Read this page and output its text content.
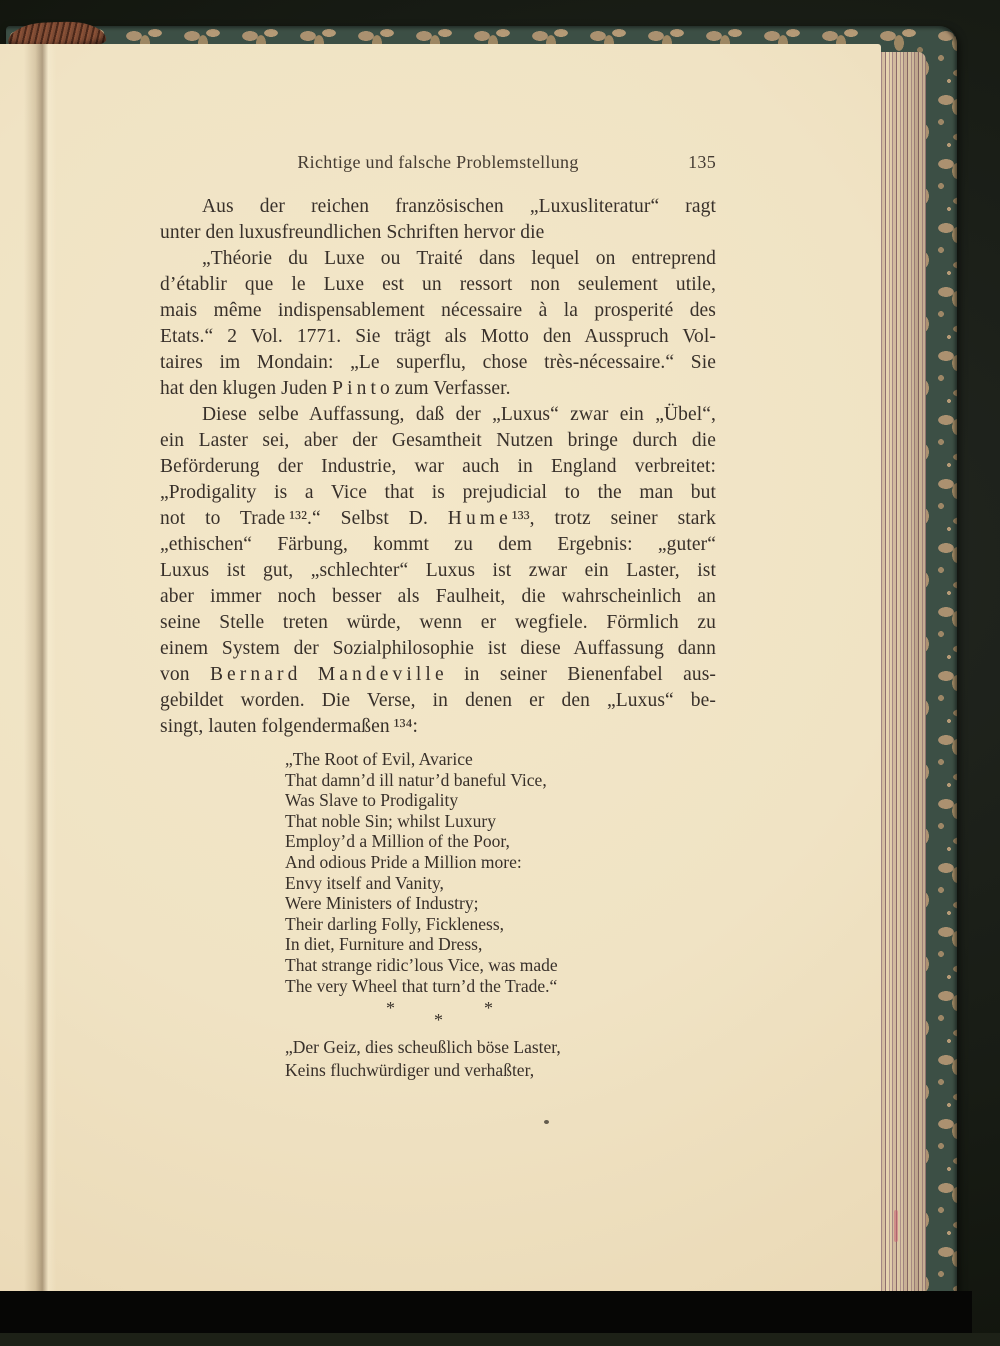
Richtige und falsche Problemstellung	135
Aus der reichen französischen „Luxusliteratur“ ragt
unter den luxusfreundlichen Schriften hervor die
„Théorie du Luxe ou Traité dans lequel on entreprend
d’établir que le Luxe est un ressort non seulement utile,
mais même indispensablement nécessaire à la prosperité des
Etats.“ 2 Vol. 1771. Sie trägt als Motto den Ausspruch Vol-
taires im Mondain: „Le superflu, chose très-nécessaire.“ Sie
hat den klugen Juden P i n t o zum Verfasser.
Diese selbe Auffassung, daß der „Luxus“ zwar ein „Übel“,
ein Laster sei, aber der Gesamtheit Nutzen bringe durch die
Beförderung der Industrie, war auch in England verbreitet:
„Prodigality is a Vice that is prejudicial to the man but
not to Trade ¹³².“ Selbst D. H u m e ¹³³, trotz seiner stark
„ethischen“ Färbung, kommt zu dem Ergebnis: „guter“
Luxus ist gut, „schlechter“ Luxus ist zwar ein Laster, ist
aber immer noch besser als Faulheit, die wahrscheinlich an
seine Stelle treten würde, wenn er wegfiele. Förmlich zu
einem System der Sozialphilosophie ist diese Auffassung dann
von B e r n a r d M a n d e v i l l e in seiner Bienenfabel aus-
gebildet worden. Die Verse, in denen er den „Luxus“ be-
singt, lauten folgendermaßen ¹³⁴:
„The Root of Evil, Avarice
That damn’d ill natur’d baneful Vice,
Was Slave to Prodigality
That noble Sin; whilst Luxury
Employ’d a Million of the Poor,
And odious Pride a Million more:
Envy itself and Vanity,
Were Ministers of Industry;
Their darling Folly, Fickleness,
In diet, Furniture and Dress,
That strange ridic’lous Vice, was made
The very Wheel that turn’d the Trade.“
*	*
*
„Der Geiz, dies scheußlich böse Laster,
Keins fluchwürdiger und verhaßter,
